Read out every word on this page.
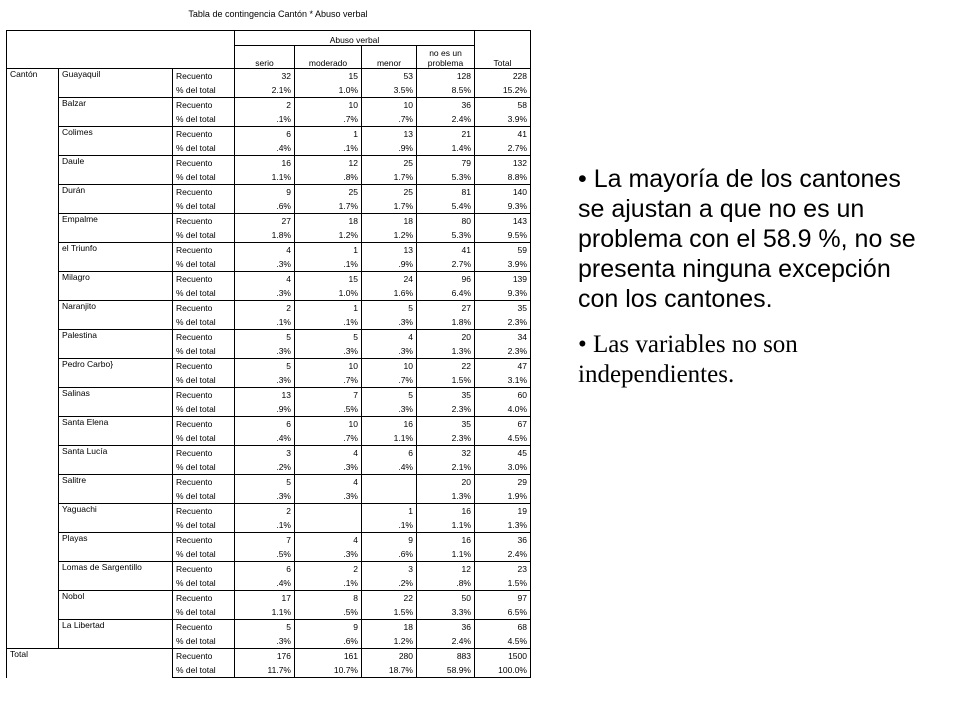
Tabla de contingencia Cantón * Abuso verbal
			Abuso verbal				
			serio	moderado	menor	no es un problema	Total
Cantón	Guayaquil	Recuento	32	15	53	128	228
		% del total	2.1%	1.0%	3.5%	8.5%	15.2%
	Balzar	Recuento	2	10	10	36	58
		% del total	.1%	.7%	.7%	2.4%	3.9%
	Colimes	Recuento	6	1	13	21	41
		% del total	.4%	.1%	.9%	1.4%	2.7%
	Daule	Recuento	16	12	25	79	132
		% del total	1.1%	.8%	1.7%	5.3%	8.8%
	Durán	Recuento	9	25	25	81	140
		% del total	.6%	1.7%	1.7%	5.4%	9.3%
	Empalme	Recuento	27	18	18	80	143
		% del total	1.8%	1.2%	1.2%	5.3%	9.5%
	el Triunfo	Recuento	4	1	13	41	59
		% del total	.3%	.1%	.9%	2.7%	3.9%
	Milagro	Recuento	4	15	24	96	139
		% del total	.3%	1.0%	1.6%	6.4%	9.3%
	Naranjito	Recuento	2	1	5	27	35
		% del total	.1%	.1%	.3%	1.8%	2.3%
	Palestina	Recuento	5	5	4	20	34
		% del total	.3%	.3%	.3%	1.3%	2.3%
	Pedro Carbo}	Recuento	5	10	10	22	47
		% del total	.3%	.7%	.7%	1.5%	3.1%
	Salinas	Recuento	13	7	5	35	60
		% del total	.9%	.5%	.3%	2.3%	4.0%
	Santa Elena	Recuento	6	10	16	35	67
		% del total	.4%	.7%	1.1%	2.3%	4.5%
	Santa Lucía	Recuento	3	4	6	32	45
		% del total	.2%	.3%	.4%	2.1%	3.0%
	Salitre	Recuento	5	4		20	29
		% del total	.3%	.3%		1.3%	1.9%
	Yaguachi	Recuento	2		1	16	19
		% del total	.1%		.1%	1.1%	1.3%
	Playas	Recuento	7	4	9	16	36
		% del total	.5%	.3%	.6%	1.1%	2.4%
	Lomas de Sargentillo	Recuento	6	2	3	12	23
		% del total	.4%	.1%	.2%	.8%	1.5%
	Nobol	Recuento	17	8	22	50	97
		% del total	1.1%	.5%	1.5%	3.3%	6.5%
	La Libertad	Recuento	5	9	18	36	68
		% del total	.3%	.6%	1.2%	2.4%	4.5%
Total		Recuento	176	161	280	883	1500
		% del total	11.7%	10.7%	18.7%	58.9%	100.0%

• La mayoría de los cantones se ajustan a que no es un problema con el 58.9 %, no se presenta ninguna excepción con los cantones.

• Las variables no son independientes.
